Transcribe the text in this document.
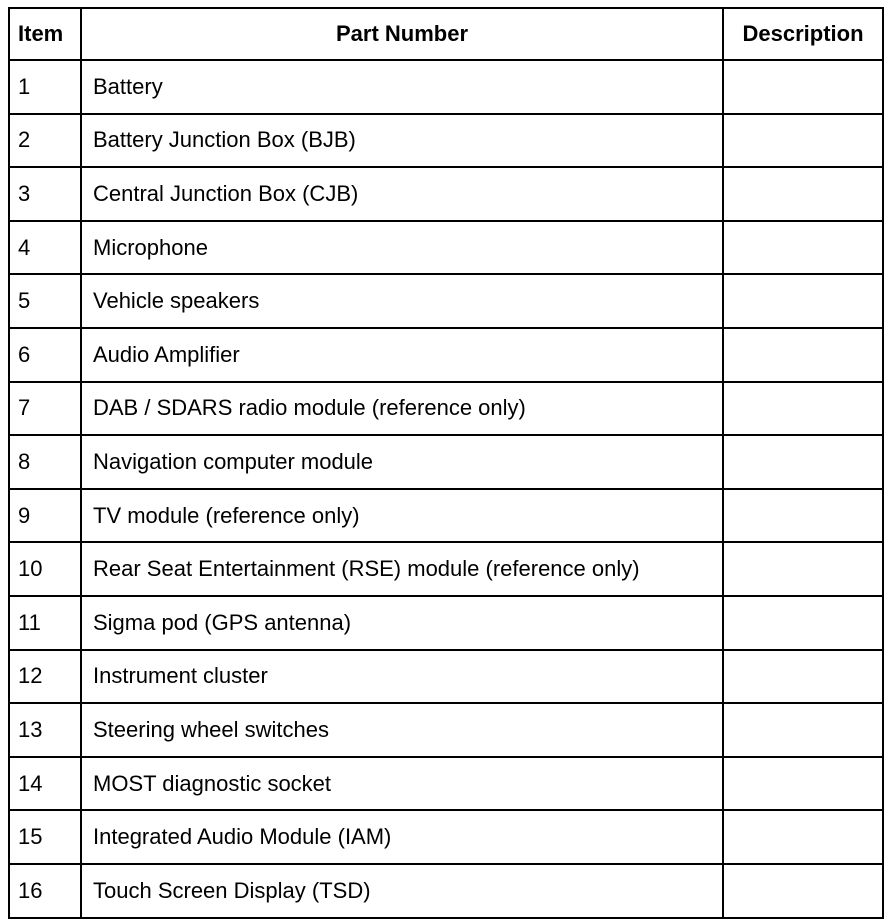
Item	Part Number	Description
1	Battery	
2	Battery Junction Box (BJB)	
3	Central Junction Box (CJB)	
4	Microphone	
5	Vehicle speakers	
6	Audio Amplifier	
7	DAB / SDARS radio module (reference only)	
8	Navigation computer module	
9	TV module (reference only)	
10	Rear Seat Entertainment (RSE) module (reference only)	
11	Sigma pod (GPS antenna)	
12	Instrument cluster	
13	Steering wheel switches	
14	MOST diagnostic socket	
15	Integrated Audio Module (IAM)	
16	Touch Screen Display (TSD)	
